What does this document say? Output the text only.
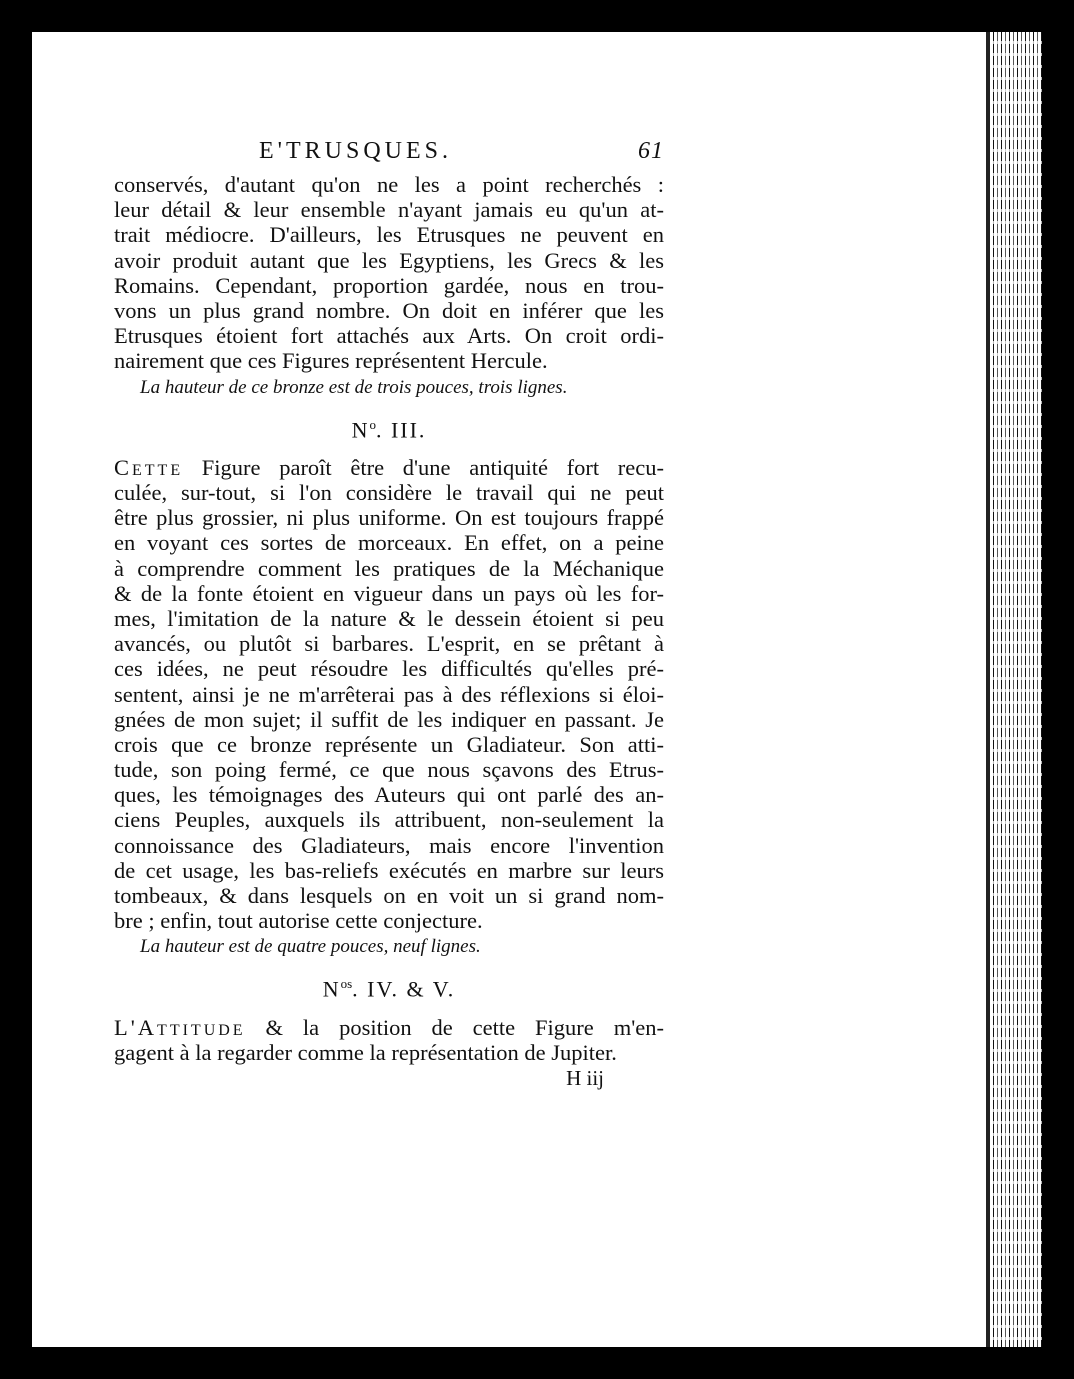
E'TRUSQUES.	61
conservés, d'autant qu'on ne les a point recherchés :
leur détail & leur ensemble n'ayant jamais eu qu'un at-
trait médiocre. D'ailleurs, les Etrusques ne peuvent en
avoir produit autant que les Egyptiens, les Grecs & les
Romains. Cependant, proportion gardée, nous en trou-
vons un plus grand nombre. On doit en inférer que les
Etrusques étoient fort attachés aux Arts. On croit ordi-
nairement que ces Figures représentent Hercule.
La hauteur de ce bronze est de trois pouces, trois lignes.
$N^o$. III.
Cette Figure paroît être d'une antiquité fort recu-
culée, sur-tout, si l'on considère le travail qui ne peut
être plus grossier, ni plus uniforme. On est toujours frappé
en voyant ces sortes de morceaux. En effet, on a peine
à comprendre comment les pratiques de la Méchanique
& de la fonte étoient en vigueur dans un pays où les for-
mes, l'imitation de la nature & le dessein étoient si peu
avancés, ou plutôt si barbares. L'esprit, en se prêtant à
ces idées, ne peut résoudre les difficultés qu'elles pré-
sentent, ainsi je ne m'arrêterai pas à des réflexions si éloi-
gnées de mon sujet; il suffit de les indiquer en passant. Je
crois que ce bronze représente un Gladiateur. Son atti-
tude, son poing fermé, ce que nous sçavons des Etrus-
ques, les témoignages des Auteurs qui ont parlé des an-
ciens Peuples, auxquels ils attribuent, non-seulement la
connoissance des Gladiateurs, mais encore l'invention
de cet usage, les bas-reliefs exécutés en marbre sur leurs
tombeaux, & dans lesquels on en voit un si grand nom-
bre ; enfin, tout autorise cette conjecture.
La hauteur est de quatre pouces, neuf lignes.
$N^{os}$. IV. & V.
L'Attitude & la position de cette Figure m'en-
gagent à la regarder comme la représentation de Jupiter.
H iij
